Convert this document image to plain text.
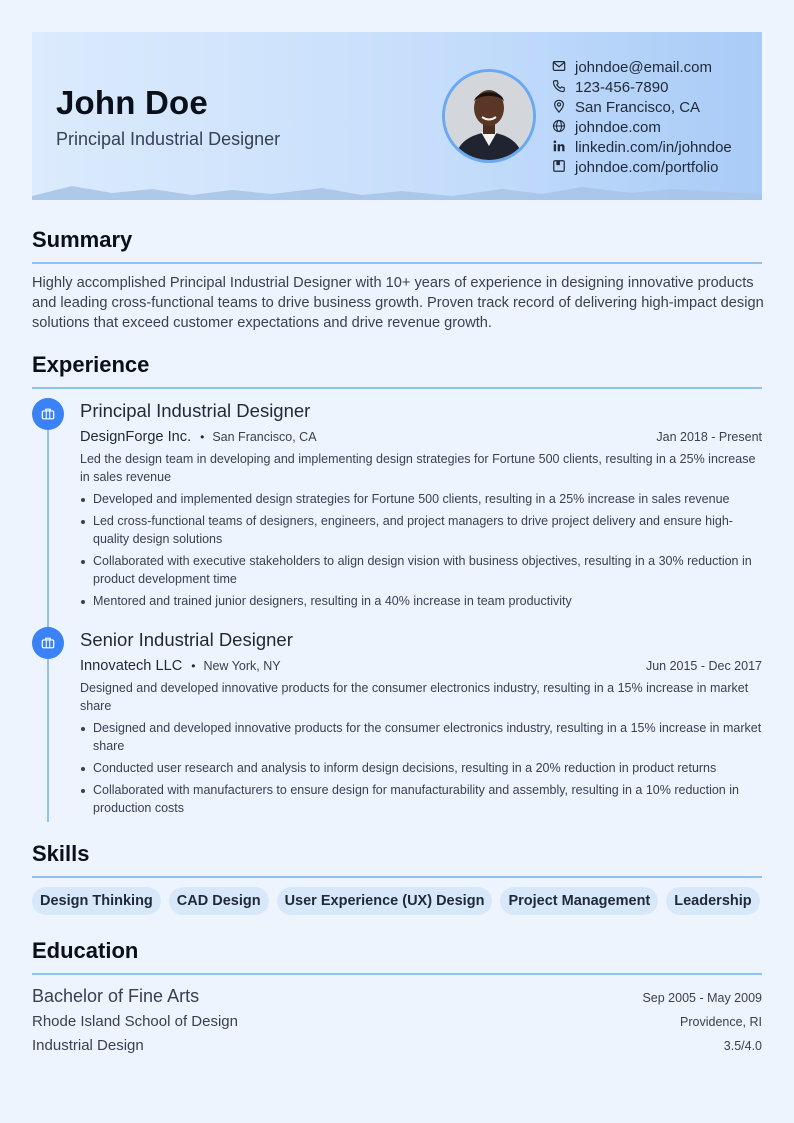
John Doe
Principal Industrial Designer
johndoe@email.com
123-456-7890
San Francisco, CA
johndoe.com
linkedin.com/in/johndoe
johndoe.com/portfolio
Summary
Highly accomplished Principal Industrial Designer with 10+ years of experience in designing innovative products and leading cross-functional teams to drive business growth. Proven track record of delivering high-impact design solutions that exceed customer expectations and drive revenue growth.
Experience
Principal Industrial Designer
DesignForge Inc. • San Francisco, CA	Jan 2018 - Present
Led the design team in developing and implementing design strategies for Fortune 500 clients, resulting in a 25% increase in sales revenue
Developed and implemented design strategies for Fortune 500 clients, resulting in a 25% increase in sales revenue
Led cross-functional teams of designers, engineers, and project managers to drive project delivery and ensure high-quality design solutions
Collaborated with executive stakeholders to align design vision with business objectives, resulting in a 30% reduction in product development time
Mentored and trained junior designers, resulting in a 40% increase in team productivity
Senior Industrial Designer
Innovatech LLC • New York, NY	Jun 2015 - Dec 2017
Designed and developed innovative products for the consumer electronics industry, resulting in a 15% increase in market share
Designed and developed innovative products for the consumer electronics industry, resulting in a 15% increase in market share
Conducted user research and analysis to inform design decisions, resulting in a 20% reduction in product returns
Collaborated with manufacturers to ensure design for manufacturability and assembly, resulting in a 10% reduction in production costs
Skills
Design Thinking	CAD Design	User Experience (UX) Design	Project Management	Leadership
Education
Bachelor of Fine Arts	Sep 2005 - May 2009
Rhode Island School of Design	Providence, RI
Industrial Design	3.5/4.0
